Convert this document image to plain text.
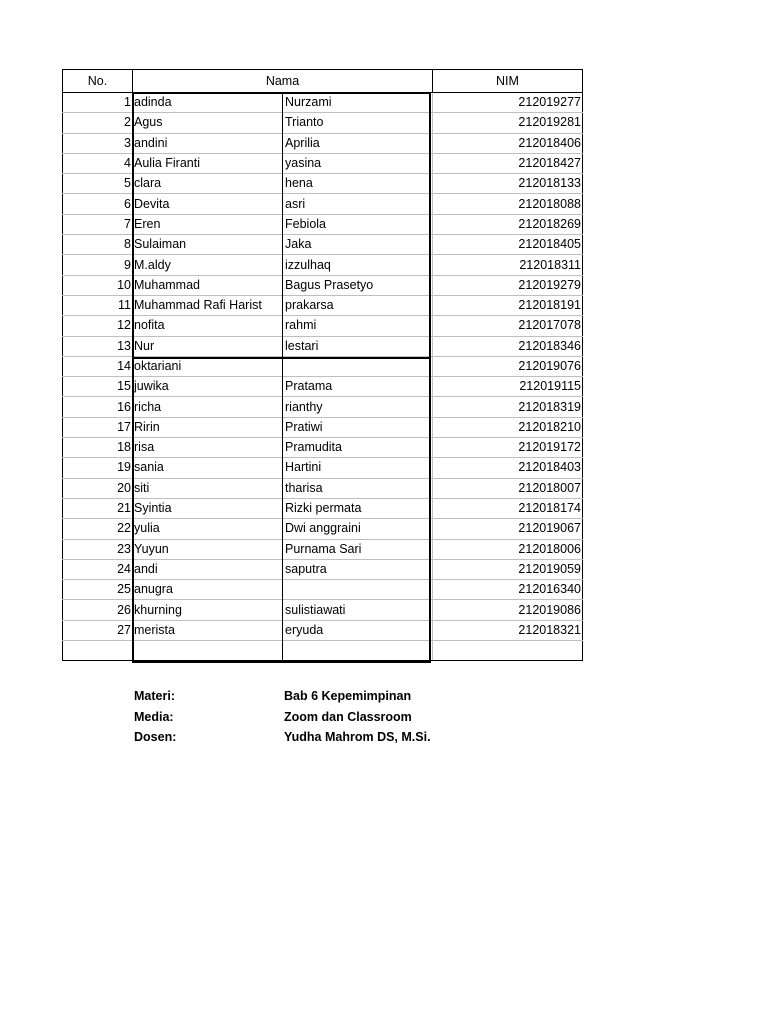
No.	Nama		NIM
1	adinda	Nurzami	212019277
2	Agus	Trianto	212019281
3	andini	Aprilia	212018406
4	Aulia Firanti	yasina	212018427
5	clara	hena	212018133
6	Devita	asri	212018088
7	Eren	Febiola	212018269
8	Sulaiman	Jaka	212018405
9	M.aldy	izzulhaq	212018311
10	Muhammad	Bagus Prasetyo	212019279
11	Muhammad Rafi Harist	prakarsa	212018191
12	nofita	rahmi	212017078
13	Nur	lestari	212018346
14	oktariani		212019076
15	juwika	Pratama	212019115
16	richa	rianthy	212018319
17	Ririn	Pratiwi	212018210
18	risa	Pramudita	212019172
19	sania	Hartini	212018403
20	siti	tharisa	212018007
21	Syintia	Rizki permata	212018174
22	yulia	Dwi anggraini	212019067
23	Yuyun	Purnama Sari	212018006
24	andi	saputra	212019059
25	anugra		212016340
26	khurning	sulistiawati	212019086
27	merista	eryuda	212018321

Materi:	Bab 6 Kepemimpinan
Media:	Zoom dan Classroom
Dosen:	Yudha Mahrom DS, M.Si.
